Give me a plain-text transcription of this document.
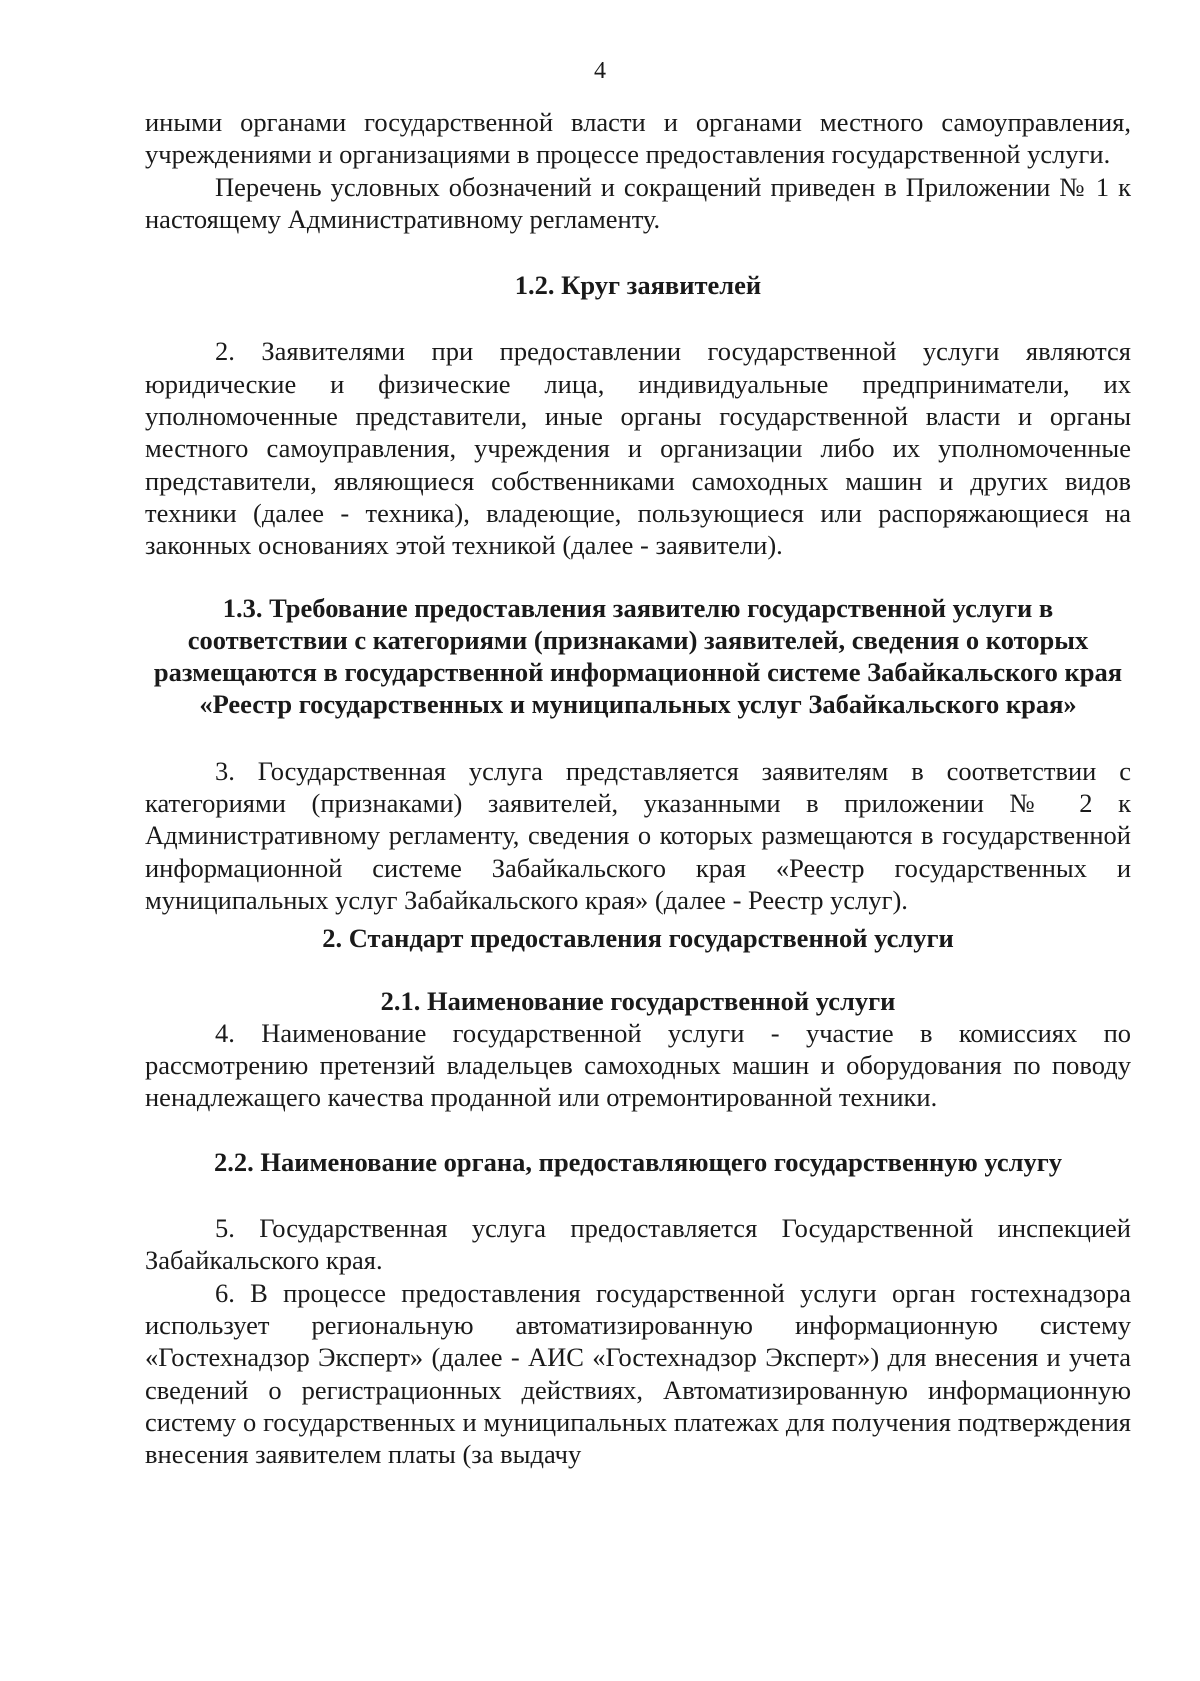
4

иными органами государственной власти и органами местного самоуправления, учреждениями и организациями в процессе предоставления государственной услуги.

Перечень условных обозначений и сокращений приведен в Приложении № 1 к настоящему Административному регламенту.

1.2. Круг заявителей

2. Заявителями при предоставлении государственной услуги являются юридические и физические лица, индивидуальные предприниматели, их уполномоченные представители, иные органы государственной власти и органы местного самоуправления, учреждения и организации либо их уполномоченные представители, являющиеся собственниками самоходных машин и других видов техники (далее - техника), владеющие, пользующиеся или распоряжающиеся на законных основаниях этой техникой (далее - заявители).

1.3. Требование предоставления заявителю государственной услуги в соответствии с категориями (признаками) заявителей, сведения о которых размещаются в государственной информационной системе Забайкальского края «Реестр государственных и муниципальных услуг Забайкальского края»

3. Государственная услуга представляется заявителям в соответствии с категориями (признаками) заявителей, указанными в приложении № 2 к Административному регламенту, сведения о которых размещаются в государственной информационной системе Забайкальского края «Реестр государственных и муниципальных услуг Забайкальского края» (далее - Реестр услуг).

2. Стандарт предоставления государственной услуги
2.1. Наименование государственной услуги

4. Наименование государственной услуги - участие в комиссиях по рассмотрению претензий владельцев самоходных машин и оборудования по поводу ненадлежащего качества проданной или отремонтированной техники.

2.2. Наименование органа, предоставляющего государственную услугу

5. Государственная услуга предоставляется Государственной инспекцией Забайкальского края.

6. В процессе предоставления государственной услуги орган гостехнадзора использует региональную автоматизированную информационную систему «Гостехнадзор Эксперт» (далее - АИС «Гостехнадзор Эксперт») для внесения и учета сведений о регистрационных действиях, Автоматизированную информационную систему о государственных и муниципальных платежах для получения подтверждения внесения заявителем платы (за выдачу
